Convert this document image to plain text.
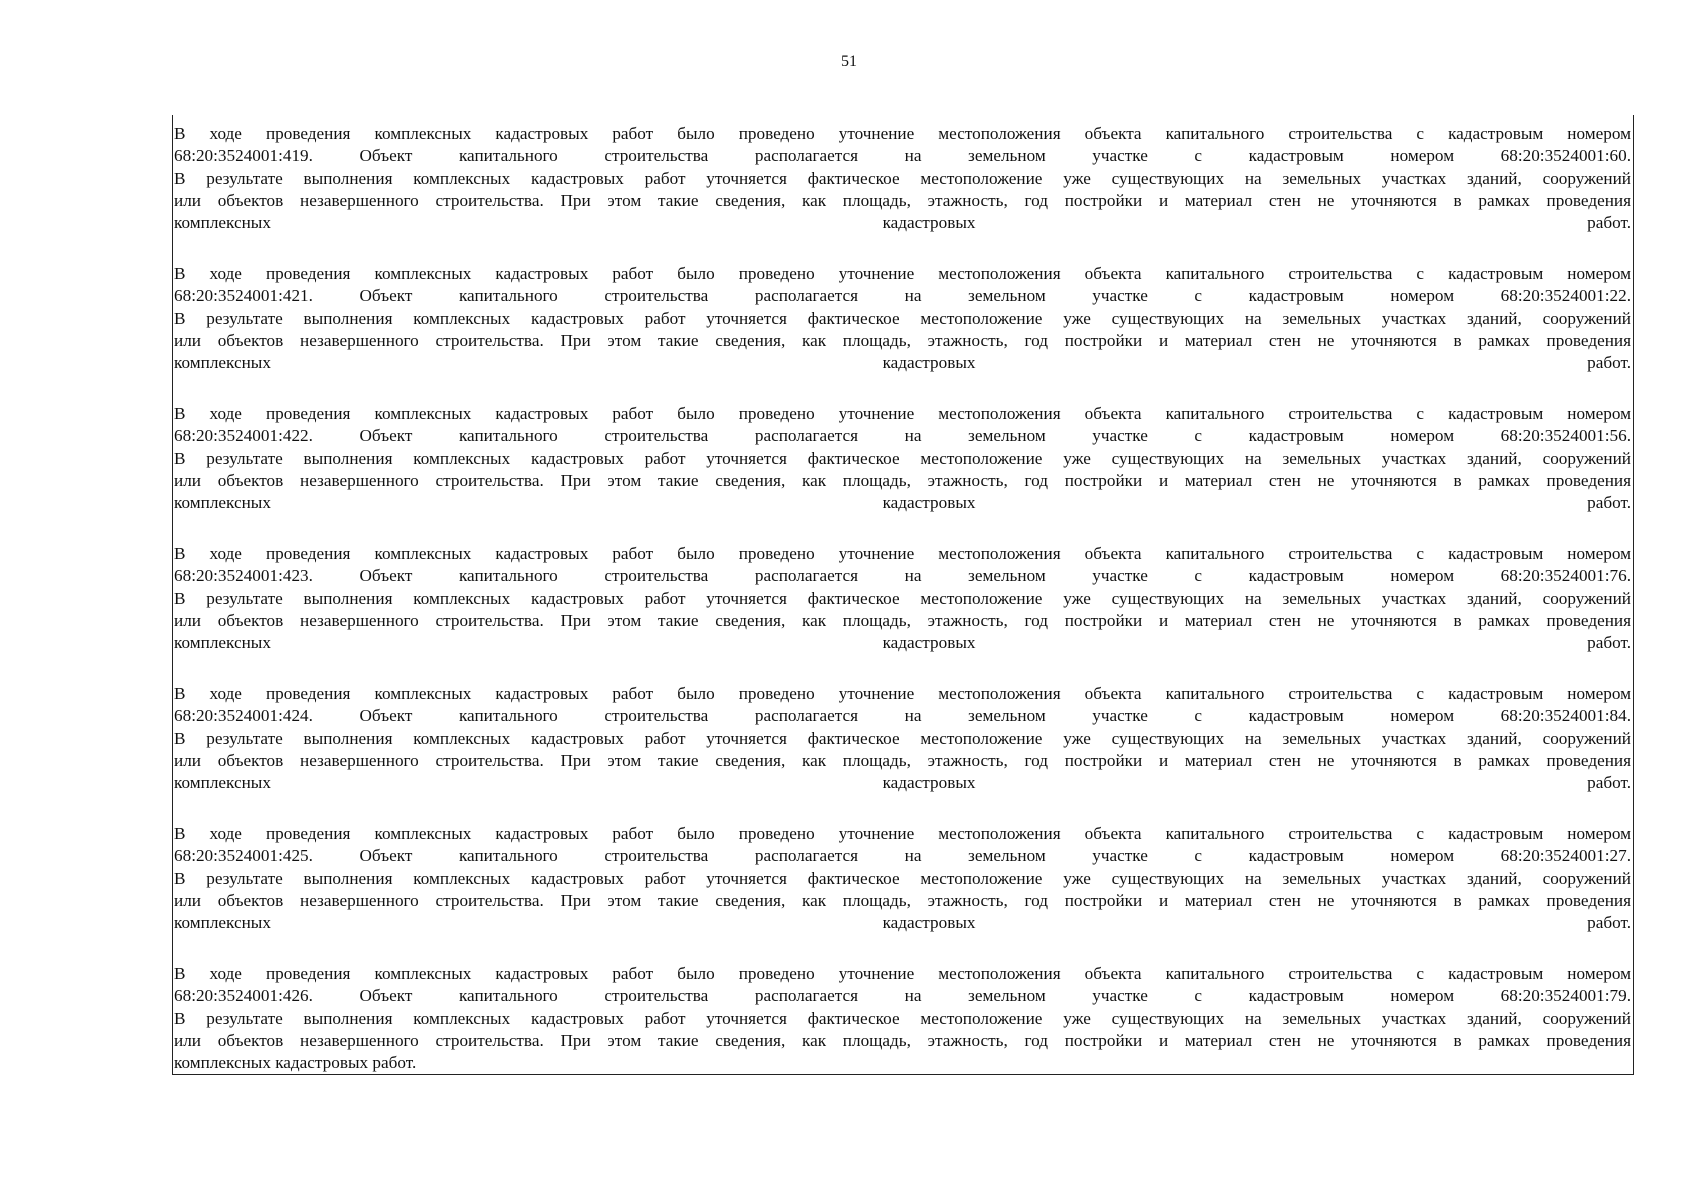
51
В ходе проведения комплексных кадастровых работ было проведено уточнение местоположения объекта капитального строительства с кадастровым номером
68:20:3524001:419. Объект капитального строительства располагается на земельном участке с кадастровым номером 68:20:3524001:60.
В результате выполнения комплексных кадастровых работ уточняется фактическое местоположение уже существующих на земельных участках зданий, сооружений
или объектов незавершенного строительства. При этом такие сведения, как площадь, этажность, год постройки и материал стен не уточняются в рамках проведения
комплексных кадастровых работ.
В ходе проведения комплексных кадастровых работ было проведено уточнение местоположения объекта капитального строительства с кадастровым номером
68:20:3524001:421. Объект капитального строительства располагается на земельном участке с кадастровым номером 68:20:3524001:22.
В результате выполнения комплексных кадастровых работ уточняется фактическое местоположение уже существующих на земельных участках зданий, сооружений
или объектов незавершенного строительства. При этом такие сведения, как площадь, этажность, год постройки и материал стен не уточняются в рамках проведения
комплексных кадастровых работ.
В ходе проведения комплексных кадастровых работ было проведено уточнение местоположения объекта капитального строительства с кадастровым номером
68:20:3524001:422. Объект капитального строительства располагается на земельном участке с кадастровым номером 68:20:3524001:56.
В результате выполнения комплексных кадастровых работ уточняется фактическое местоположение уже существующих на земельных участках зданий, сооружений
или объектов незавершенного строительства. При этом такие сведения, как площадь, этажность, год постройки и материал стен не уточняются в рамках проведения
комплексных кадастровых работ.
В ходе проведения комплексных кадастровых работ было проведено уточнение местоположения объекта капитального строительства с кадастровым номером
68:20:3524001:423. Объект капитального строительства располагается на земельном участке с кадастровым номером 68:20:3524001:76.
В результате выполнения комплексных кадастровых работ уточняется фактическое местоположение уже существующих на земельных участках зданий, сооружений
или объектов незавершенного строительства. При этом такие сведения, как площадь, этажность, год постройки и материал стен не уточняются в рамках проведения
комплексных кадастровых работ.
В ходе проведения комплексных кадастровых работ было проведено уточнение местоположения объекта капитального строительства с кадастровым номером
68:20:3524001:424. Объект капитального строительства располагается на земельном участке с кадастровым номером 68:20:3524001:84.
В результате выполнения комплексных кадастровых работ уточняется фактическое местоположение уже существующих на земельных участках зданий, сооружений
или объектов незавершенного строительства. При этом такие сведения, как площадь, этажность, год постройки и материал стен не уточняются в рамках проведения
комплексных кадастровых работ.
В ходе проведения комплексных кадастровых работ было проведено уточнение местоположения объекта капитального строительства с кадастровым номером
68:20:3524001:425. Объект капитального строительства располагается на земельном участке с кадастровым номером 68:20:3524001:27.
В результате выполнения комплексных кадастровых работ уточняется фактическое местоположение уже существующих на земельных участках зданий, сооружений
или объектов незавершенного строительства. При этом такие сведения, как площадь, этажность, год постройки и материал стен не уточняются в рамках проведения
комплексных кадастровых работ.
В ходе проведения комплексных кадастровых работ было проведено уточнение местоположения объекта капитального строительства с кадастровым номером
68:20:3524001:426. Объект капитального строительства располагается на земельном участке с кадастровым номером 68:20:3524001:79.
В результате выполнения комплексных кадастровых работ уточняется фактическое местоположение уже существующих на земельных участках зданий, сооружений
или объектов незавершенного строительства. При этом такие сведения, как площадь, этажность, год постройки и материал стен не уточняются в рамках проведения
комплексных кадастровых работ.
